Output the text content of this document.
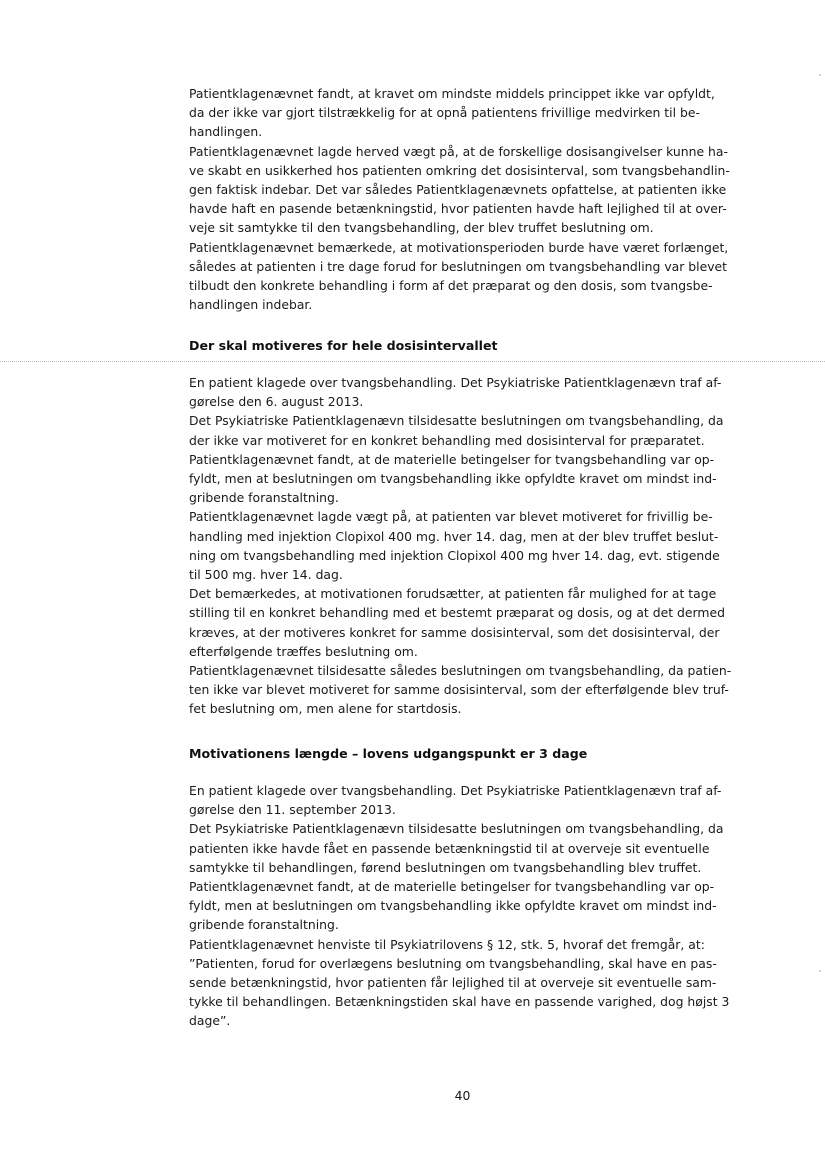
Patientklagenævnet fandt, at kravet om mindste middels princippet ikke var opfyldt,
da der ikke var gjort tilstrækkelig for at opnå patientens frivillige medvirken til be-
handlingen.

Patientklagenævnet lagde herved vægt på, at de forskellige dosisangivelser kunne ha-
ve skabt en usikkerhed hos patienten omkring det dosisinterval, som tvangsbehandlin-
gen faktisk indebar. Det var således Patientklagenævnets opfattelse, at patienten ikke
havde haft en pasende betænkningstid, hvor patienten havde haft lejlighed til at over-
veje sit samtykke til den tvangsbehandling, der blev truffet beslutning om.

Patientklagenævnet bemærkede, at motivationsperioden burde have været forlænget,
således at patienten i tre dage forud for beslutningen om tvangsbehandling var blevet
tilbudt den konkrete behandling i form af det præparat og den dosis, som tvangsbe-
handlingen indebar.

Der skal motiveres for hele dosisintervallet

En patient klagede over tvangsbehandling. Det Psykiatriske Patientklagenævn traf af-
gørelse den 6. august 2013.

Det Psykiatriske Patientklagenævn tilsidesatte beslutningen om tvangsbehandling, da
der ikke var motiveret for en konkret behandling med dosisinterval for præparatet.

Patientklagenævnet fandt, at de materielle betingelser for tvangsbehandling var op-
fyldt, men at beslutningen om tvangsbehandling ikke opfyldte kravet om mindst ind-
gribende foranstaltning.

Patientklagenævnet lagde vægt på, at patienten var blevet motiveret for frivillig be-
handling med injektion Clopixol 400 mg. hver 14. dag, men at der blev truffet beslut-
ning om tvangsbehandling med injektion Clopixol 400 mg hver 14. dag, evt. stigende
til 500 mg. hver 14. dag.

Det bemærkedes, at motivationen forudsætter, at patienten får mulighed for at tage
stilling til en konkret behandling med et bestemt præparat og dosis, og at det dermed
kræves, at der motiveres konkret for samme dosisinterval, som det dosisinterval, der
efterfølgende træffes beslutning om.

Patientklagenævnet tilsidesatte således beslutningen om tvangsbehandling, da patien-
ten ikke var blevet motiveret for samme dosisinterval, som der efterfølgende blev truf-
fet beslutning om, men alene for startdosis.

Motivationens længde – lovens udgangspunkt er 3 dage

En patient klagede over tvangsbehandling. Det Psykiatriske Patientklagenævn traf af-
gørelse den 11. september 2013.

Det Psykiatriske Patientklagenævn tilsidesatte beslutningen om tvangsbehandling, da
patienten ikke havde fået en passende betænkningstid til at overveje sit eventuelle
samtykke til behandlingen, førend beslutningen om tvangsbehandling blev truffet.

Patientklagenævnet fandt, at de materielle betingelser for tvangsbehandling var op-
fyldt, men at beslutningen om tvangsbehandling ikke opfyldte kravet om mindst ind-
gribende foranstaltning.

Patientklagenævnet henviste til Psykiatrilovens § 12, stk. 5, hvoraf det fremgår, at:
”Patienten, forud for overlægens beslutning om tvangsbehandling, skal have en pas-
sende betænkningstid, hvor patienten får lejlighed til at overveje sit eventuelle sam-
tykke til behandlingen. Betænkningstiden skal have en passende varighed, dog højst 3
dage”.

40
